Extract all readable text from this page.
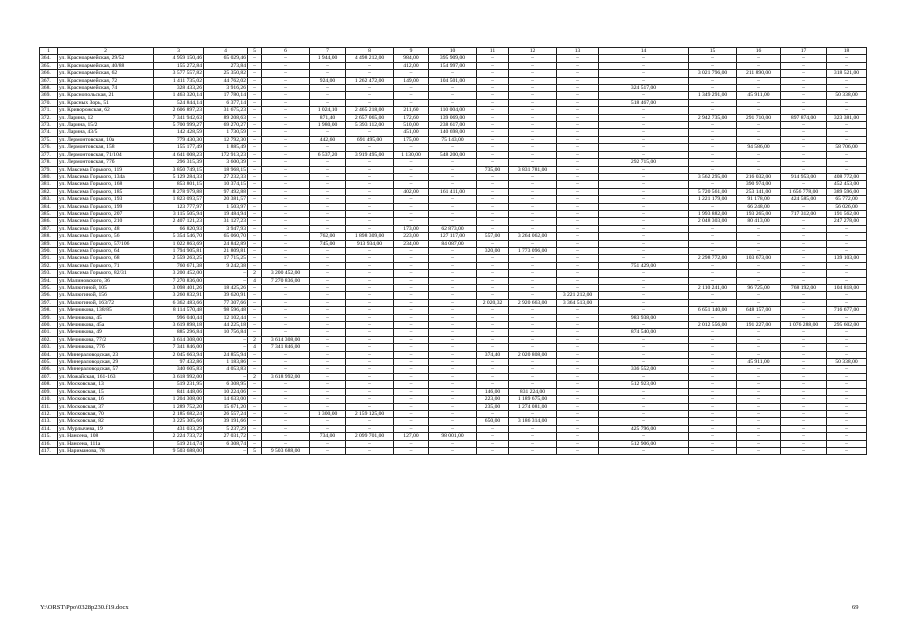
1	2	3	4	5	6	7	8	9	10	11	12	13	14	15	16	17	18
364.	ул. Красноармейская, 29/52	4 959 150,46	65 029,46	–	–	1 944,00	4 498 212,00	984,00	395 909,00	–	–	–	–	–	–	–	–
365.	ул. Красноармейская, 40/88	155 272,84	273,84	–	–	–	–	412,00	154 997,00	–	–	–	–	–	–	–	–
366.	ул. Красноармейская, 62	3 577 557,82	25 350,82	–	–	–	–	–	–	–	–	–	–	3 021 796,00	211 890,00	–	318 521,00
367.	ул. Красноармейская, 72	1 411 735,02	44 762,02	–	–	924,00	1 262 472,00	149,00	104 501,00	–	–	–	–	–	–	–	–
368.	ул. Красноармейская, 74	328 433,26	3 916,26	–	–	–	–	–	–	–	–	–	324 517,00	–	–	–	–
369.	ул. Краснопольская, 21	1 463 320,14	17 780,14	–	–	–	–	–	–	–	–	–	–	1 349 291,00	45 911,00	–	50 338,00
370.	ул. Красных Зорь, 51	524 844,14	6 377,14	–	–	–	–	–	–	–	–	–	518 467,00	–	–	–	–
371.	ул. Криворожская, 62	2 606 897,23	31 675,23	–	–	1 024,10	2 465 218,00	211,60	110 004,00	–	–	–	–	–	–	–	–
372.	ул. Ларина, 12	7 341 942,63	89 208,63	–	–	871,40	2 657 065,00	172,60	139 069,00	–	–	–	–	2 942 735,00	291 710,00	897 874,00	323 381,00
373.	ул. Ларина, 15/2	5 700 999,27	69 270,27	–	–	1 980,00	5 393 112,00	510,00	238 617,00	–	–	–	–	–	–	–	–
374.	ул. Ларина, 43/5	142 428,59	1 730,59	–	–	–	–	451,00	140 698,00	–	–	–	–	–	–	–	–
375.	ул. Лермонтовская, 10а	779 430,30	12 792,30	–	–	442,60	691 495,00	175,00	75 143,00	–	–	–	–	–	–	–	–
376.	ул. Лермонтовская, 158	155 177,49	1 885,49	–	–	–	–	–	–	–	–	–	–	–	94 586,00	–	58 706,00
377.	ул. Лермонтовская, 71/104	4 641 008,23	172 913,23	–	–	6 537,20	3 919 495,00	1 130,00	548 200,00	–	–	–	–	–	–	–	–
378.	ул. Лермонтовская, 77б	296 315,39	3 600,39	–	–	–	–	–	–	–	–	–	292 715,00	–	–	–	–
379.	ул. Максима Горького, 119	3 850 749,15	18 968,15	–	–	–	–	–	–	735,00	3 831 781,00	–	–	–	–	–	–
380.	ул. Максима Горького, 134а	5 129 284,33	27 232,33	–	–	–	–	–	–	–	–	–	–	3 562 295,00	216 032,00	914 953,00	408 772,00
381.	ул. Максима Горького, 168	853 801,15	10 374,15	–	–	–	–	–	–	–	–	–	–	–	390 974,00	–	452 453,00
382.	ул. Максима Горького, 185	8 278 979,88	97 492,88	–	–	–	–	402,00	161 411,00	–	–	–	–	5 720 561,00	253 141,00	1 656 778,00	389 596,00
383.	ул. Максима Горького, 193	1 823 093,57	20 381,57	–	–	–	–	–	–	–	–	–	–	1 221 179,00	91 178,00	424 585,00	65 772,00
384.	ул. Максима Горького, 199	123 777,97	1 503,97	–	–	–	–	–	–	–	–	–	–	–	66 248,00	–	56 026,00
385.	ул. Максима Горького, 207	3 115 505,94	19 484,94	–	–	–	–	–	–	–	–	–	–	1 993 882,00	193 265,00	717 312,00	191 562,00
386.	ул. Максима Горького, 210	2 407 121,23	31 127,23	–	–	–	–	–	–	–	–	–	–	2 048 303,00	80 413,00	–	247 278,00
387.	ул. Максима Горького, 48	66 820,93	3 947,93	–	–	–	–	173,00	62 873,00	–	–	–	–	–	–	–	–
388.	ул. Максима Горького, 56	5 354 546,70	65 060,70	–	–	762,00	1 898 309,00	223,00	127 117,00	557,00	3 264 062,00	–	–	–	–	–	–
389.	ул. Максима Горького, 57/106	1 022 863,69	24 842,89	–	–	745,00	913 934,00	234,00	84 087,00	–	–	–	–	–	–	–	–
390.	ул. Максима Горького, 64	1 794 905,81	21 809,81	–	–	–	–	–	–	320,00	1 773 096,00	–	–	–	–	–	–
391.	ул. Максима Горького, 68	2 559 263,25	17 715,25	–	–	–	–	–	–	–	–	–	–	2 298 772,00	103 673,00	–	139 103,00
392.	ул. Максима Горького, 71	760 671,38	9 242,38	–	–	–	–	–	–	–	–	–	751 429,00	–	–	–	–
393.	ул. Максима Горького, 82/31	3 200 452,00	–	2	3 200 452,00	–	–	–	–	–	–	–	–	–	–	–	–
394.	ул. Малиновского, 36	7 270 836,00	–	4	7 270 836,00	–	–	–	–	–	–	–	–	–	–	–	–
395.	ул. Малюгиной, 105	3 098 401,26	18 425,26	–	–	–	–	–	–	–	–	–	–	2 110 241,00	96 725,00	768 192,00	104 818,00
396.	ул. Малюгиной, 156	3 260 832,91	39 620,91	–	–	–	–	–	–	–	–	3 221 212,00	–	–	–	–	–
397.	ул. Малюгиной, 163/72	6 362 483,66	77 307,66	–	–	–	–	–	–	2 020,32	2 920 663,00	3 364 513,00	–	–	–	–	–
398.	ул. Мечникова, 138/85	8 114 570,48	98 596,48	–	–	–	–	–	–	–	–	–	–	6 651 140,00	648 157,00	–	716 677,00
399.	ул. Мечникова, 45	996 040,44	12 102,44	–	–	–	–	–	–	–	–	–	983 938,00	–	–	–	–
400.	ул. Мечникова, 45а	3 619 898,18	44 225,18	–	–	–	–	–	–	–	–	–	–	2 012 556,00	191 227,00	1 076 288,00	295 602,00
401.	ул. Мечникова, 49	885 296,84	10 756,84	–	–	–	–	–	–	–	–	–	874 540,00	–	–	–	–
402.	ул. Мечникова, 77/2	3 614 308,00	–	2	3 614 308,00	–	–	–	–	–	–	–	–	–	–	–	–
403.	ул. Мечникова, 77б	7 341 846,00	–	4	7 341 846,00	–	–	–	–	–	–	–	–	–	–	–	–
404.	ул. Минераловодская, 23	2 045 663,94	24 855,94	–	–	–	–	–	–	374,40	2 020 808,00	–	–	–	–	–	–
405.	ул. Минераловодская, 29	97 432,86	1 183,86	–	–	–	–	–	–	–	–	–	–	–	45 911,00	–	50 338,00
406.	ул. Минераловодская, 57	340 605,83	4 053,83	–	–	–	–	–	–	–	–	–	336 552,00	–	–	–	–
407.	ул. Можайская, 161-163	3 618 992,00	–	2	3 618 992,00	–	–	–	–	–	–	–	–	–	–	–	–
408.	ул. Московская, 13	519 231,95	6 308,95	–	–	–	–	–	–	–	–	–	512 923,00	–	–	–	–
409.	ул. Московская, 15	841 448,06	10 224,06	–	–	–	–	–	–	146,00	831 224,00	–	–	–	–	–	–
410.	ул. Московская, 16	1 204 308,00	14 633,00	–	–	–	–	–	–	223,00	1 189 675,00	–	–	–	–	–	–
411.	ул. Московская, 37	1 289 752,20	15 671,20	–	–	–	–	–	–	235,00	1 274 081,00	–	–	–	–	–	–
412.	ул. Московская, 70	2 185 682,24	26 557,24	–	–	1 300,00	2 159 125,00	–	–	–	–	–	–	–	–	–	–
413.	ул. Московская, 82	3 225 305,66	39 191,66	–	–	–	–	–	–	650,00	3 186 314,00	–	–	–	–	–	–
414.	ул. Мурлычева, 19	431 033,29	5 237,29	–	–	–	–	–	–	–	–	–	425 796,00	–	–	–	–
415.	ул. Нансена, 108	2 224 733,72	27 031,72	–	–	734,00	2 099 701,00	127,00	98 001,00	–	–	–	–	–	–	–	–
416.	ул. Нансена, 111а	519 214,74	6 308,74	–	–	–	–	–	–	–	–	–	512 906,00	–	–	–	–
417.	ул. Нариманова, 78	9 503 688,00	–	5	9 503 688,00	–	–	–	–	–	–	–	–	–	–	–	–
Y:\ORST\Ppo\0328p230.f19.docx	69
